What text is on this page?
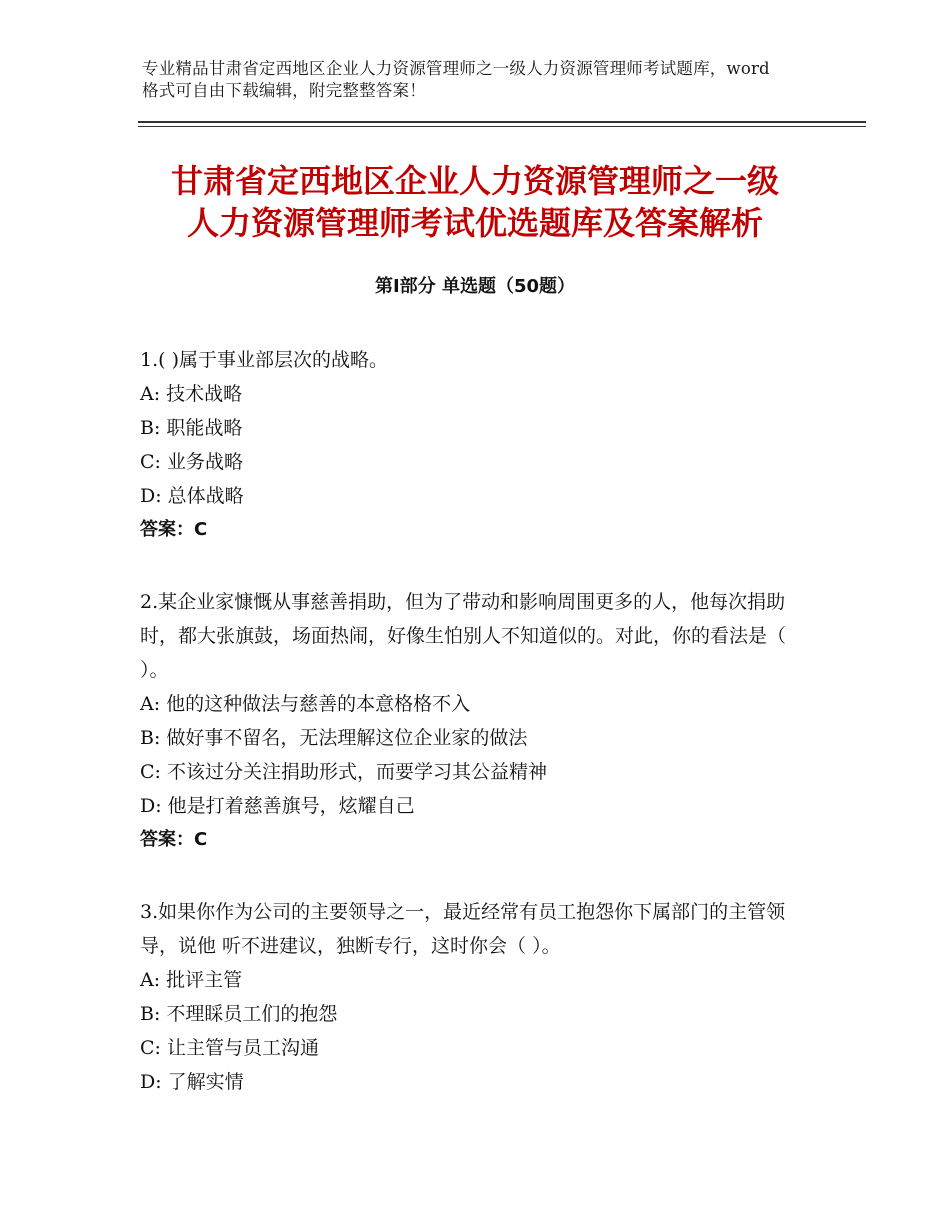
专业精品甘肃省定西地区企业人力资源管理师之一级人力资源管理师考试题库，word格式可自由下载编辑，附完整整答案！
甘肃省定西地区企业人力资源管理师之一级
人力资源管理师考试优选题库及答案解析
第Ⅰ部分 单选题（50题）

1.( )属于事业部层次的战略。

A: 技术战略

B: 职能战略

C: 业务战略

D: 总体战略

答案：C

2.某企业家慷慨从事慈善捐助，但为了带动和影响周围更多的人，他每次捐助时，都大张旗鼓，场面热闹，好像生怕别人不知道似的。对此，你的看法是（ ）。

A: 他的这种做法与慈善的本意格格不入

B: 做好事不留名，无法理解这位企业家的做法

C: 不该过分关注捐助形式，而要学习其公益精神

D: 他是打着慈善旗号，炫耀自己

答案：C

3.如果你作为公司的主要领导之一，最近经常有员工抱怨你下属部门的主管领导，说他 听不进建议，独断专行，这时你会（ ）。

A: 批评主管

B: 不理睬员工们的抱怨

C: 让主管与员工沟通

D: 了解实情
